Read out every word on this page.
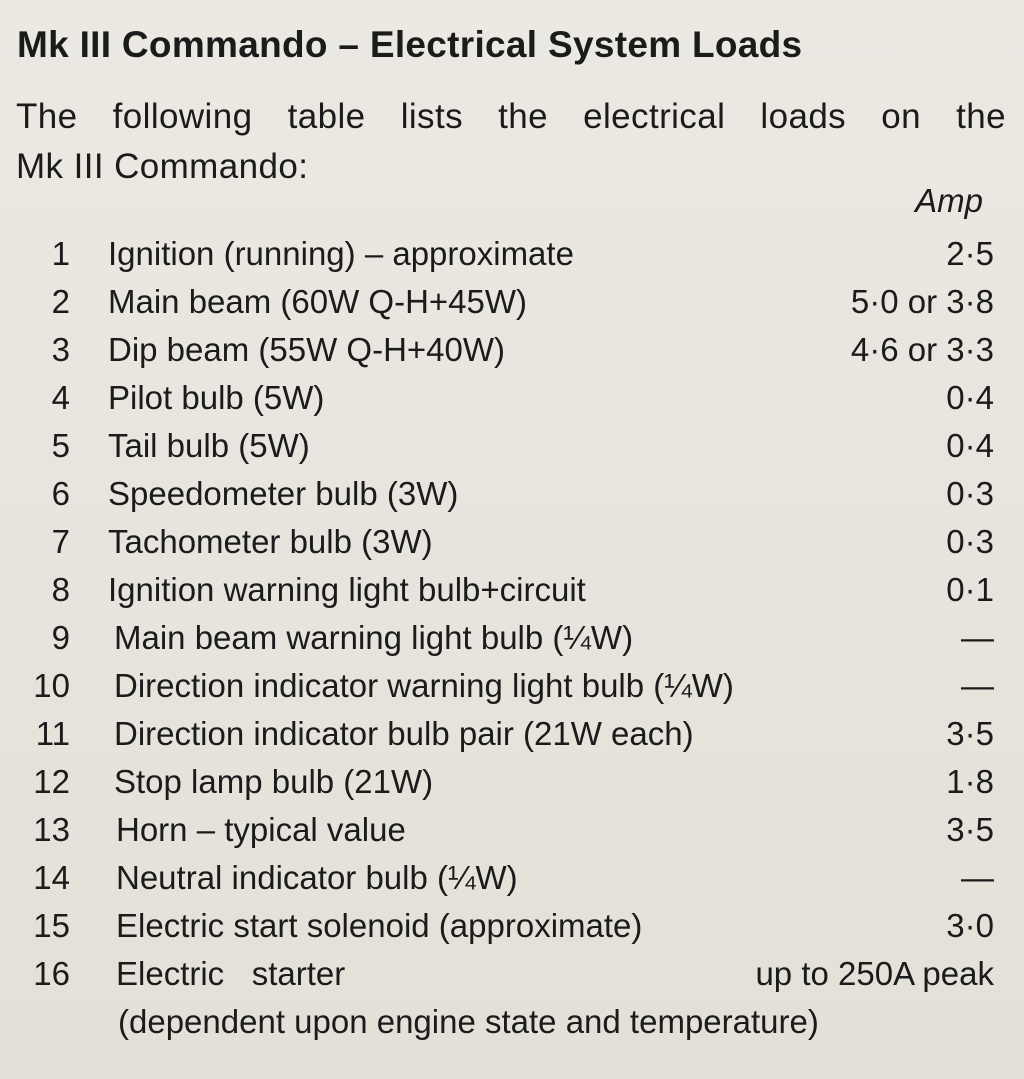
Mk III Commando – Electrical System Loads
The following table lists the electrical loads on the
Mk III Commando:
Amp
1 Ignition (running) – approximate	2·5
2 Main beam (60W Q-H+45W)	5·0 or 3·8
3 Dip beam (55W Q-H+40W)	4·6 or 3·3
4 Pilot bulb (5W)	0·4
5 Tail bulb (5W)	0·4
6 Speedometer bulb (3W)	0·3
7 Tachometer bulb (3W)	0·3
8 Ignition warning light bulb+circuit	0·1
9 Main beam warning light bulb (¼W)	—
10 Direction indicator warning light bulb (¼W)	—
11 Direction indicator bulb pair (21W each)	3·5
12 Stop lamp bulb (21W)	1·8
13 Horn – typical value	3·5
14 Neutral indicator bulb (¼W)	—
15 Electric start solenoid (approximate)	3·0
16 Electric   starter	up to 250A peak
(dependent upon engine state and temperature)
